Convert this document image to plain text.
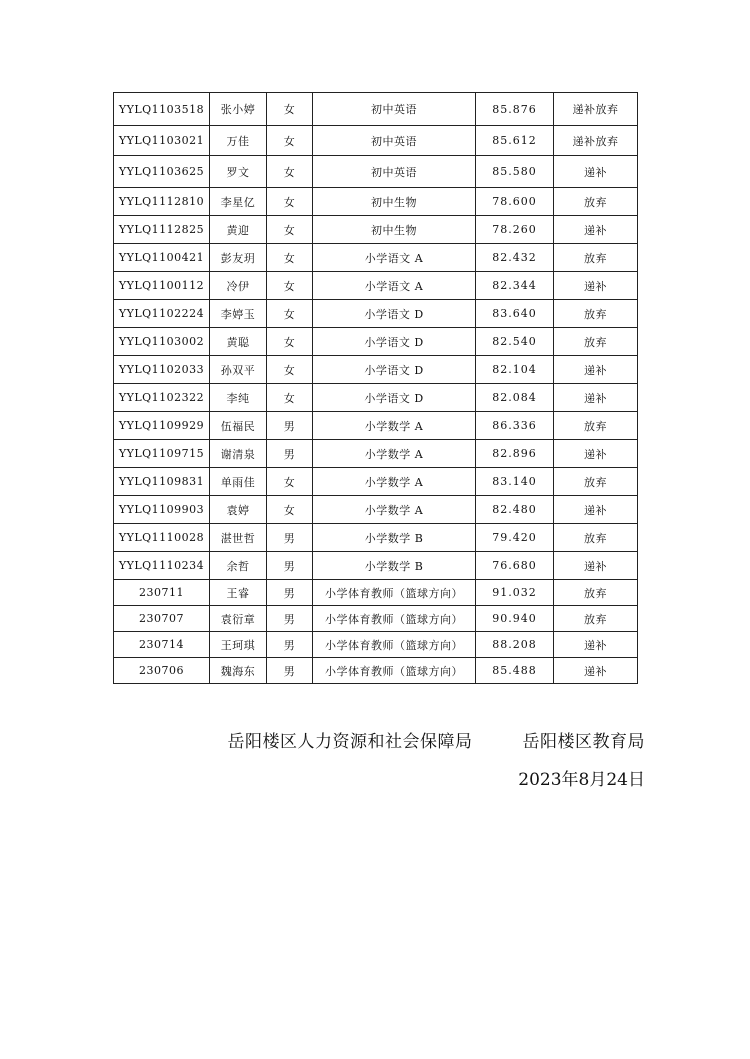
YYLQ1103518	张小婷	女	初中英语	85.876	递补放弃
YYLQ1103021	万佳	女	初中英语	85.612	递补放弃
YYLQ1103625	罗文	女	初中英语	85.580	递补
YYLQ1112810	李星亿	女	初中生物	78.600	放弃
YYLQ1112825	黄迎	女	初中生物	78.260	递补
YYLQ1100421	彭友玥	女	小学语文 A	82.432	放弃
YYLQ1100112	冷伊	女	小学语文 A	82.344	递补
YYLQ1102224	李婷玉	女	小学语文 D	83.640	放弃
YYLQ1103002	黄聪	女	小学语文 D	82.540	放弃
YYLQ1102033	孙双平	女	小学语文 D	82.104	递补
YYLQ1102322	李纯	女	小学语文 D	82.084	递补
YYLQ1109929	伍福民	男	小学数学 A	86.336	放弃
YYLQ1109715	谢清泉	男	小学数学 A	82.896	递补
YYLQ1109831	单雨佳	女	小学数学 A	83.140	放弃
YYLQ1109903	袁婷	女	小学数学 A	82.480	递补
YYLQ1110028	湛世哲	男	小学数学 B	79.420	放弃
YYLQ1110234	余哲	男	小学数学 B	76.680	递补
230711	王睿	男	小学体育教师（篮球方向）	91.032	放弃
230707	袁衍章	男	小学体育教师（篮球方向）	90.940	放弃
230714	王珂琪	男	小学体育教师（篮球方向）	88.208	递补
230706	魏海东	男	小学体育教师（篮球方向）	85.488	递补
岳阳楼区人力资源和社会保障局	岳阳楼区教育局
2023年8月24日
